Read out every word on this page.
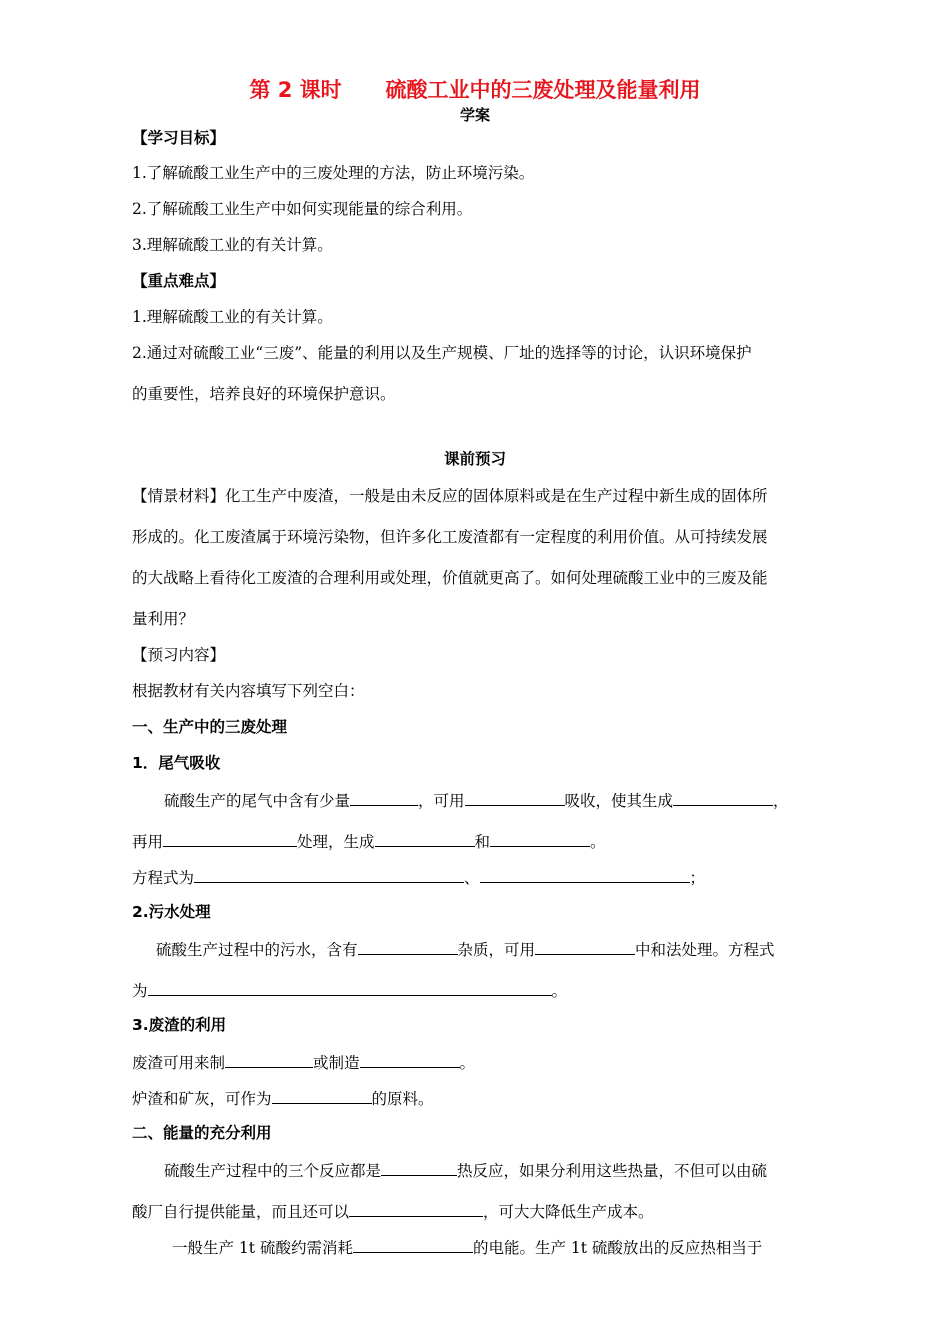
第 2 课时      硫酸工业中的三废处理及能量利用
学案
【学习目标】
1.了解硫酸工业生产中的三废处理的方法，防止环境污染。
2.了解硫酸工业生产中如何实现能量的综合利用。
3.理解硫酸工业的有关计算。
【重点难点】
1.理解硫酸工业的有关计算。
2.通过对硫酸工业“三废”、能量的利用以及生产规模、厂址的选择等的讨论，认识环境保护
的重要性，培养良好的环境保护意识。
课前预习
【情景材料】化工生产中废渣，一般是由未反应的固体原料或是在生产过程中新生成的固体所
形成的。化工废渣属于环境污染物，但许多化工废渣都有一定程度的利用价值。从可持续发展
的大战略上看待化工废渣的合理利用或处理，价值就更高了。如何处理硫酸工业中的三废及能
量利用？
【预习内容】
根据教材有关内容填写下列空白：
一、生产中的三废处理
1．尾气吸收
硫酸生产的尾气中含有少量	，可用	吸收，使其生成	，
再用	处理，生成	和	。
方程式为	、	；
2.污水处理
硫酸生产过程中的污水，含有	杂质，可用	中和法处理。方程式
为	。
3.废渣的利用
废渣可用来制	或制造	。
炉渣和矿灰，可作为	的原料。
二、能量的充分利用
硫酸生产过程中的三个反应都是	热反应，如果分利用这些热量，不但可以由硫
酸厂自行提供能量，而且还可以	，可大大降低生产成本。
一般生产 1t 硫酸约需消耗	的电能。生产 1t 硫酸放出的反应热相当于
